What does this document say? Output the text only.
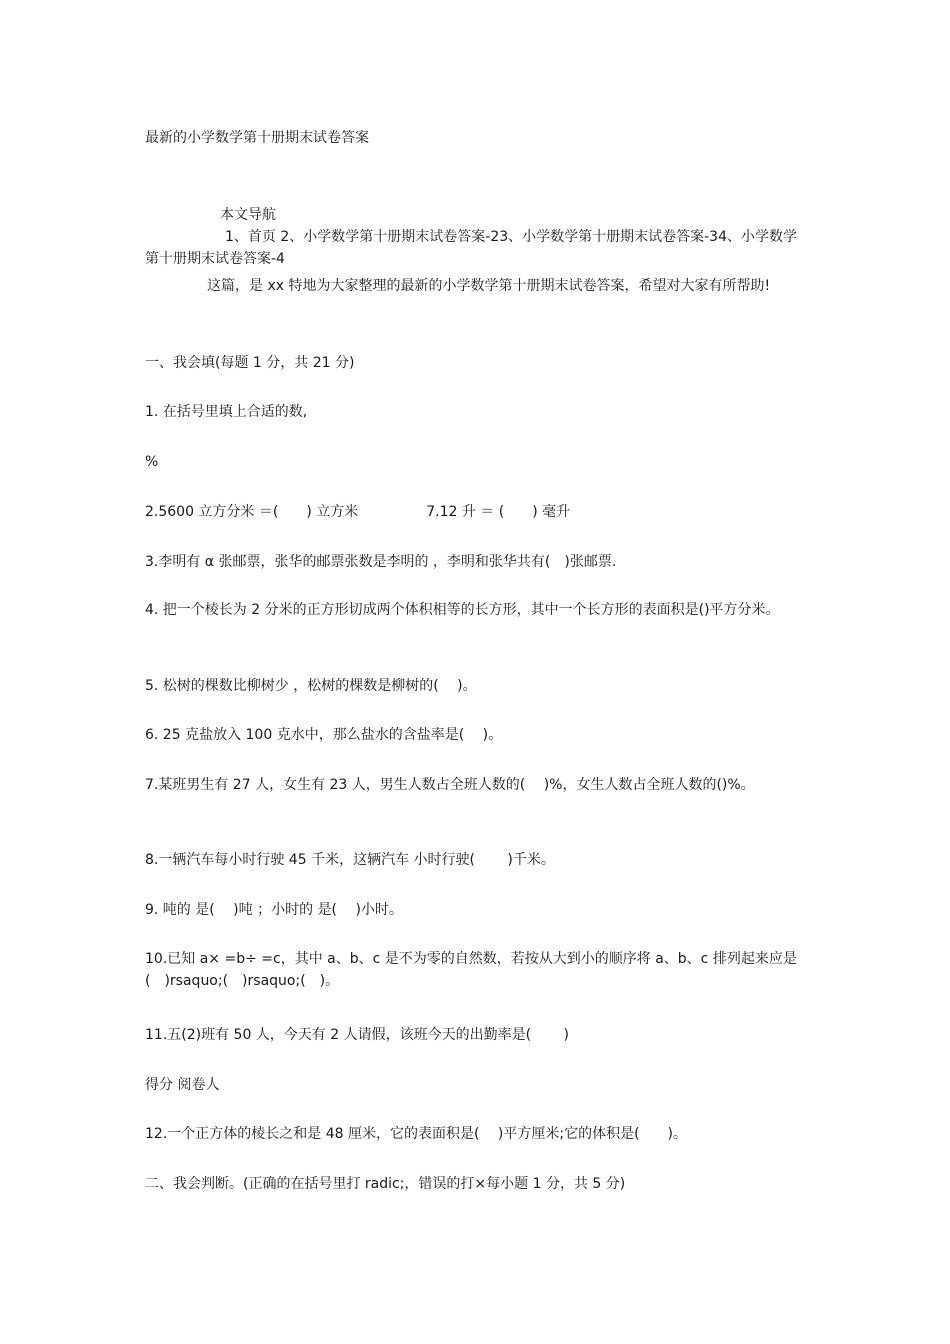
最新的小学数学第十册期末试卷答案
本文导航
1、首页 2、小学数学第十册期末试卷答案-23、小学数学第十册期末试卷答案-34、小学数学第十册期末试卷答案-4
这篇，是 xx 特地为大家整理的最新的小学数学第十册期末试卷答案，希望对大家有所帮助!
一、我会填(每题 1 分，共 21 分)
1. 在括号里填上合适的数,
%
2.5600 立方分米 ＝(　　) 立方米	7.12 升 ＝ (　　) 毫升
3.李明有 α 张邮票，张华的邮票张数是李明的 ，李明和张华共有(　)张邮票.
4. 把一个棱长为 2 分米的正方形切成两个体积相等的长方形，其中一个长方形的表面积是()平方分米。
5. 松树的棵数比柳树少 ，松树的棵数是柳树的(　 )。
6. 25 克盐放入 100 克水中，那么盐水的含盐率是(　 )。
7.某班男生有 27 人，女生有 23 人，男生人数占全班人数的(　 )%，女生人数占全班人数的()%。
8.一辆汽车每小时行驶 45 千米，这辆汽车 小时行驶(　　 )千米。
9. 吨的 是(　 )吨 ；小时的 是(　 )小时。
10.已知 a× =b÷ =c，其中 a、b、c 是不为零的自然数，若按从大到小的顺序将 a、b、c 排列起来应是(　)rsaquo;(　)rsaquo;(　)。
11.五(2)班有 50 人，今天有 2 人请假，该班今天的出勤率是(　　 )
得分 阅卷人
12.一个正方体的棱长之和是 48 厘米，它的表面积是(　 )平方厘米;它的体积是(　　)。
二、我会判断。(正确的在括号里打 radic;，错误的打×每小题 1 分，共 5 分)
